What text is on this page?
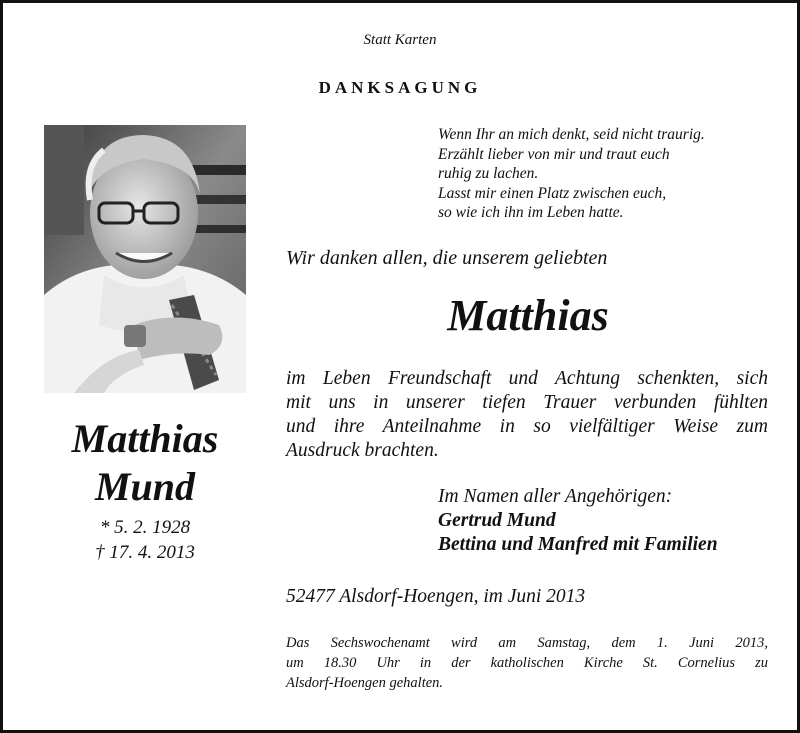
Statt Karten
DANKSAGUNG
Wenn Ihr an mich denkt, seid nicht traurig.
Erzählt lieber von mir und traut euch
ruhig zu lachen.
Lasst mir einen Platz zwischen euch,
so wie ich ihn im Leben hatte.
Matthias
Mund
* 5. 2. 1928
† 17. 4. 2013
Wir danken allen, die unserem geliebten
Matthias
im Leben Freundschaft und Achtung schenkten, sich
mit uns in unserer tiefen Trauer verbunden fühlten
und ihre Anteilnahme in so vielfältiger Weise zum
Ausdruck brachten.
Im Namen aller Angehörigen:
Gertrud Mund
Bettina und Manfred mit Familien
52477 Alsdorf-Hoengen, im Juni 2013
Das Sechswochenamt wird am Samstag, dem 1. Juni 2013,
um 18.30 Uhr in der katholischen Kirche St. Cornelius zu
Alsdorf-Hoengen gehalten.
